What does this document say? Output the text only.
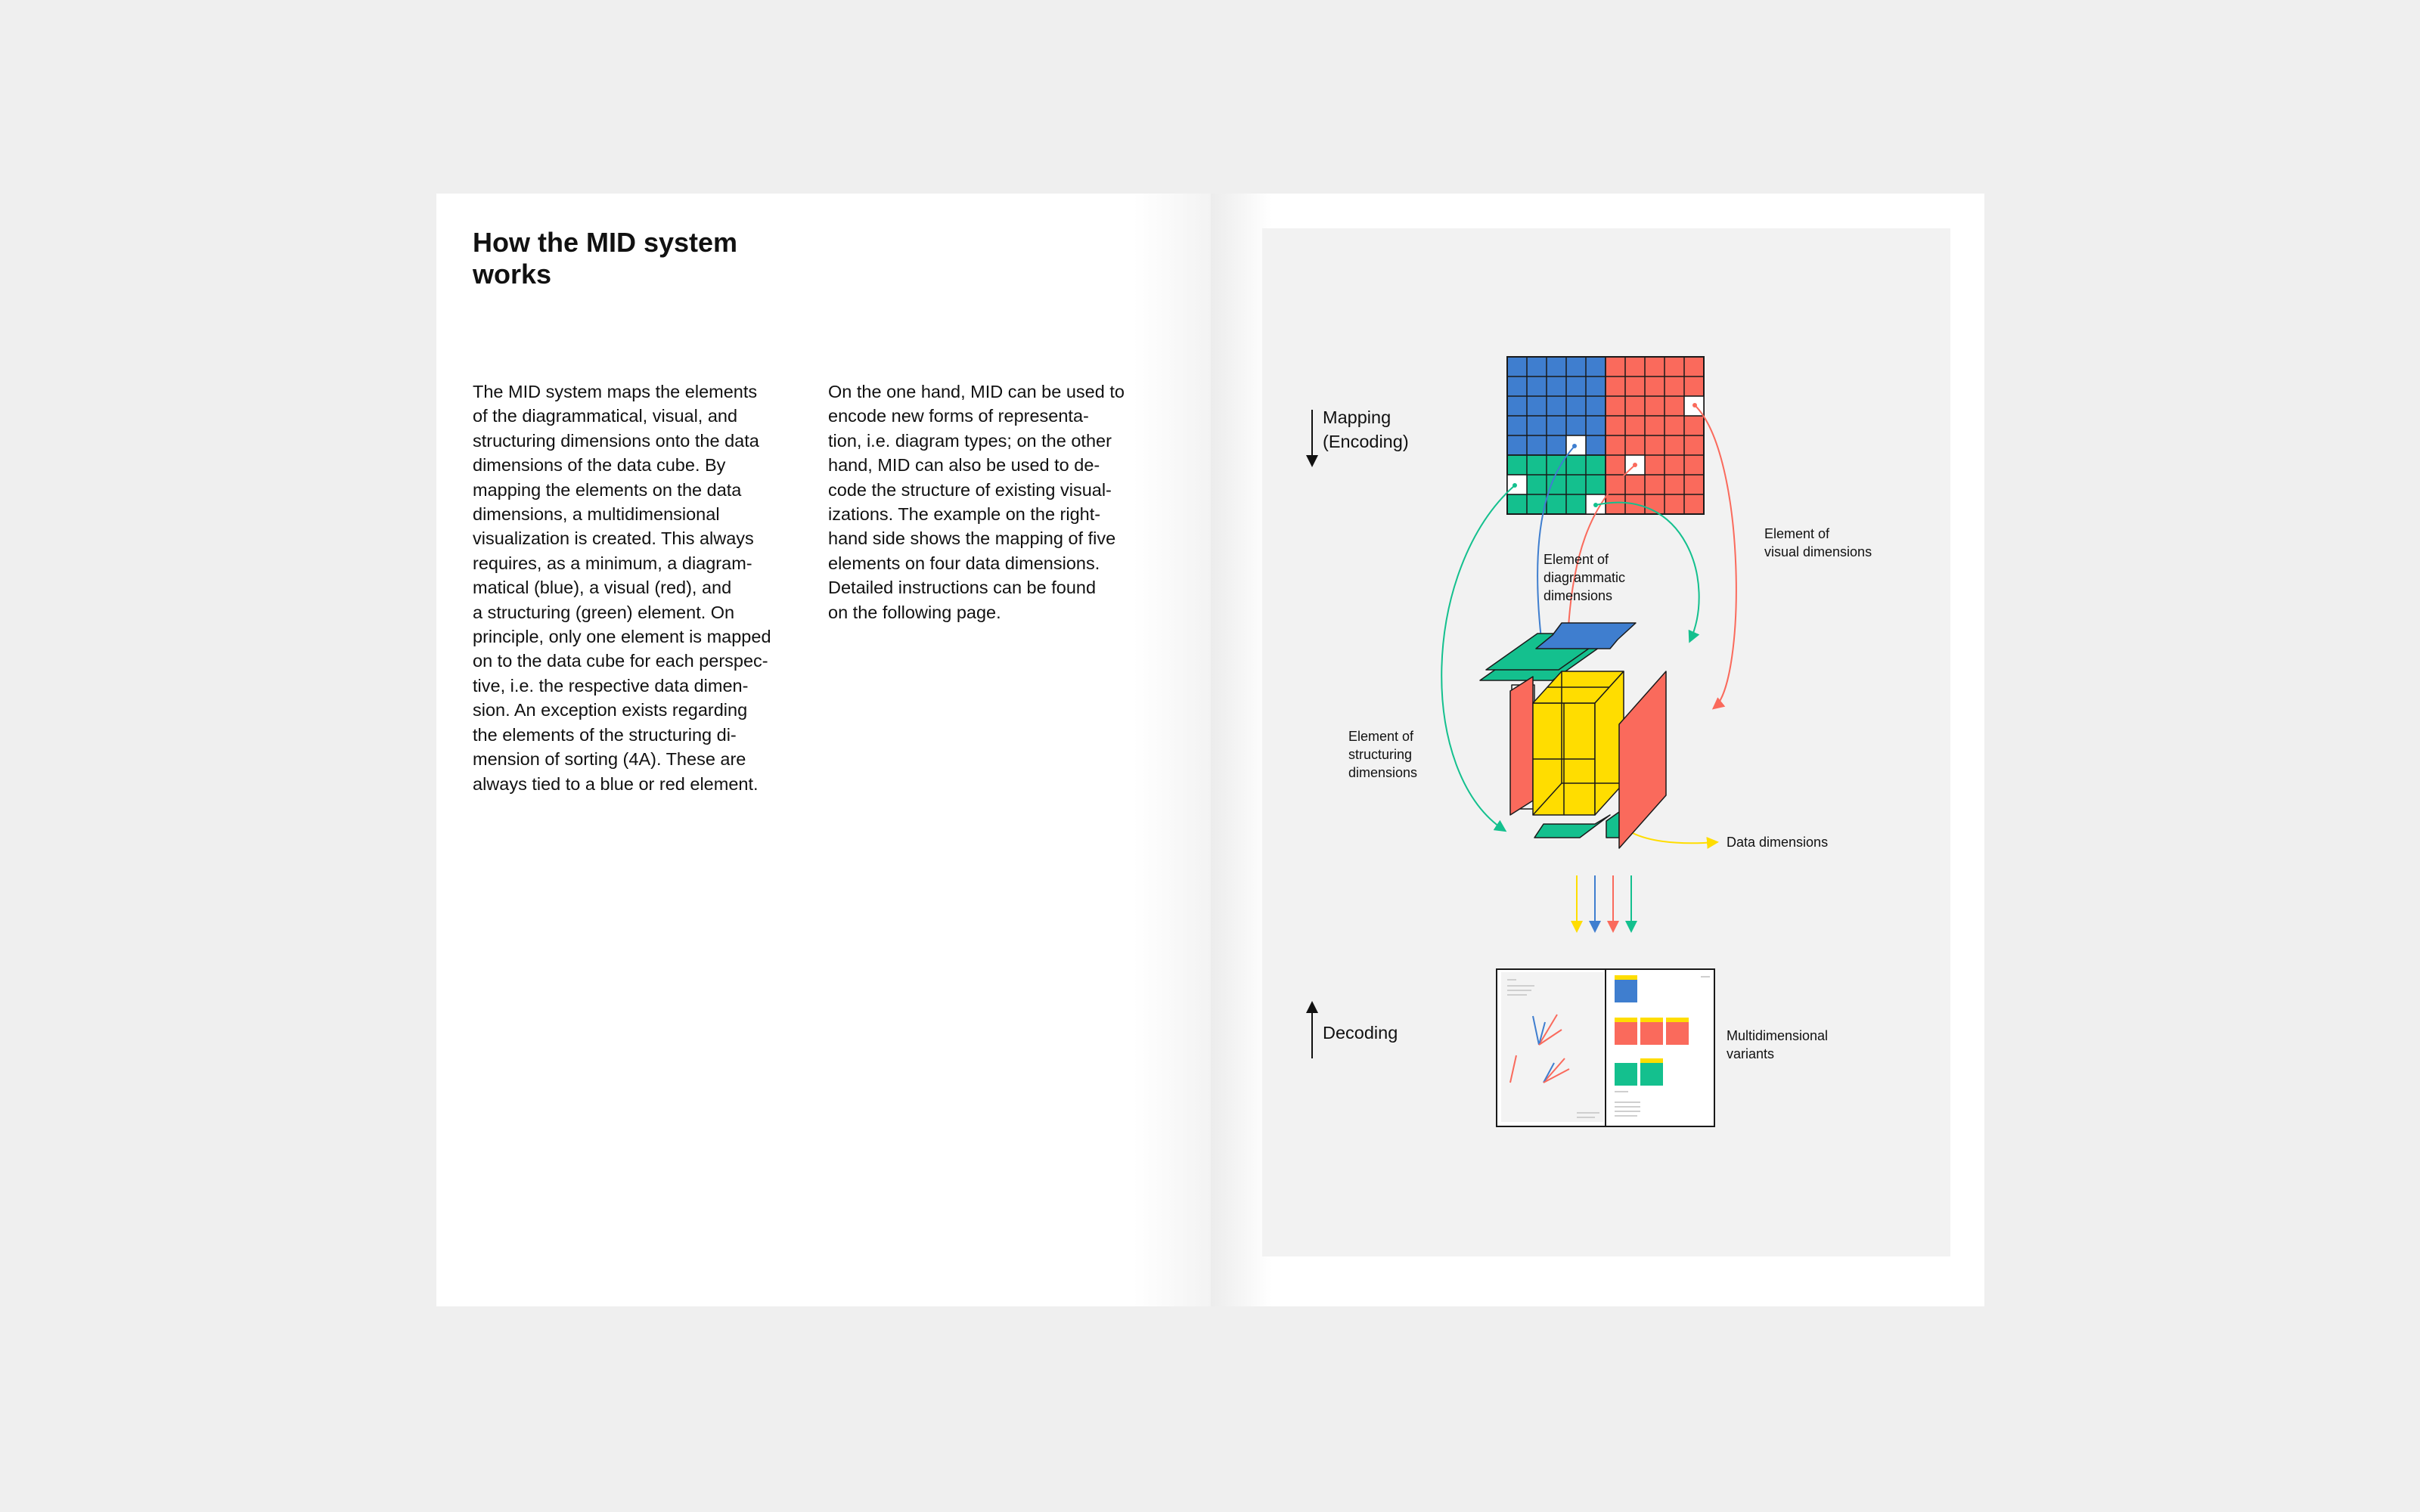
How the MID system works

The MID system maps the elements
of the diagrammatical, visual, and
structuring dimensions onto the data
dimensions of the data cube. By
mapping the elements on the data
dimensions, a multidimensional
visualization is created. This always
requires, as a minimum, a diagram-
matical (blue), a visual (red), and
a structuring (green) element. On
principle, only one element is mapped
on to the data cube for each perspec-
tive, i.e. the respective data dimen-
sion. An exception exists regarding
the elements of the structuring di-
mension of sorting (4A). These are
always tied to a blue or red element.

On the one hand, MID can be used to
encode new forms of representa-
tion, i.e. diagram types; on the other
hand, MID can also be used to de-
code the structure of existing visual-
izations. The example on the right-
hand side shows the mapping of five
elements on four data dimensions.
Detailed instructions can be found
on the following page.

Mapping (Encoding)
Element of diagrammatic dimensions
Element of visual dimensions
Element of structuring dimensions
Data dimensions
Decoding	Multidimensional variants
